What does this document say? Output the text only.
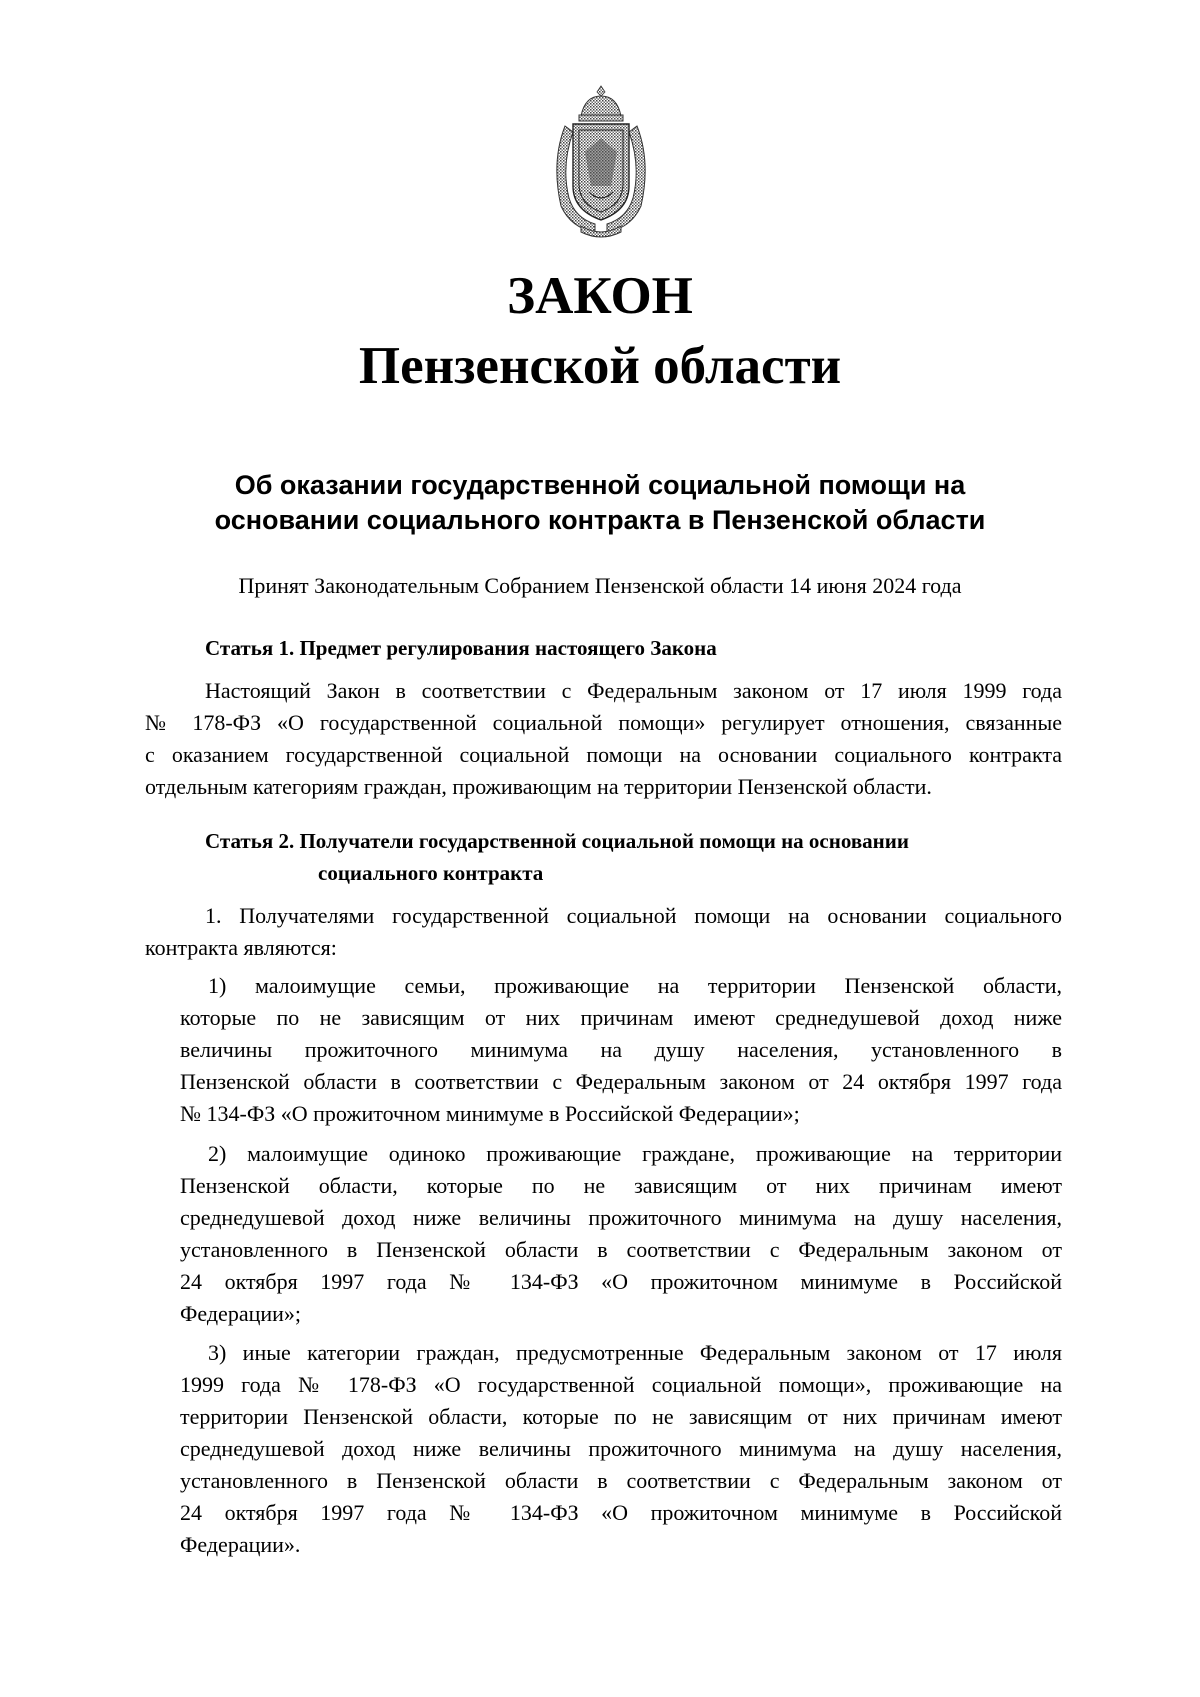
ЗАКОН
Пензенской области
Об оказании государственной социальной помощи на
основании социального контракта в Пензенской области
Принят Законодательным Собранием Пензенской области 14 июня 2024 года
Статья 1. Предмет регулирования настоящего Закона
Настоящий Закон в соответствии с Федеральным законом от 17 июля 1999 года
№ 178-ФЗ «О государственной социальной помощи» регулирует отношения, связанные
с оказанием государственной социальной помощи на основании социального контракта
отдельным категориям граждан, проживающим на территории Пензенской области.
Статья 2. Получатели государственной социальной помощи на основании
социального контракта
1. Получателями государственной социальной помощи на основании социального
контракта являются:
1) малоимущие семьи, проживающие на территории Пензенской области,
которые по не зависящим от них причинам имеют среднедушевой доход ниже
величины прожиточного минимума на душу населения, установленного в
Пензенской области в соответствии с Федеральным законом от 24 октября 1997 года
№ 134-ФЗ «О прожиточном минимуме в Российской Федерации»;
2) малоимущие одиноко проживающие граждане, проживающие на территории
Пензенской области, которые по не зависящим от них причинам имеют
среднедушевой доход ниже величины прожиточного минимума на душу населения,
установленного в Пензенской области в соответствии с Федеральным законом от
24 октября 1997 года № 134-ФЗ «О прожиточном минимуме в Российской
Федерации»;
3) иные категории граждан, предусмотренные Федеральным законом от 17 июля
1999 года № 178-ФЗ «О государственной социальной помощи», проживающие на
территории Пензенской области, которые по не зависящим от них причинам имеют
среднедушевой доход ниже величины прожиточного минимума на душу населения,
установленного в Пензенской области в соответствии с Федеральным законом от
24 октября 1997 года № 134-ФЗ «О прожиточном минимуме в Российской
Федерации».
